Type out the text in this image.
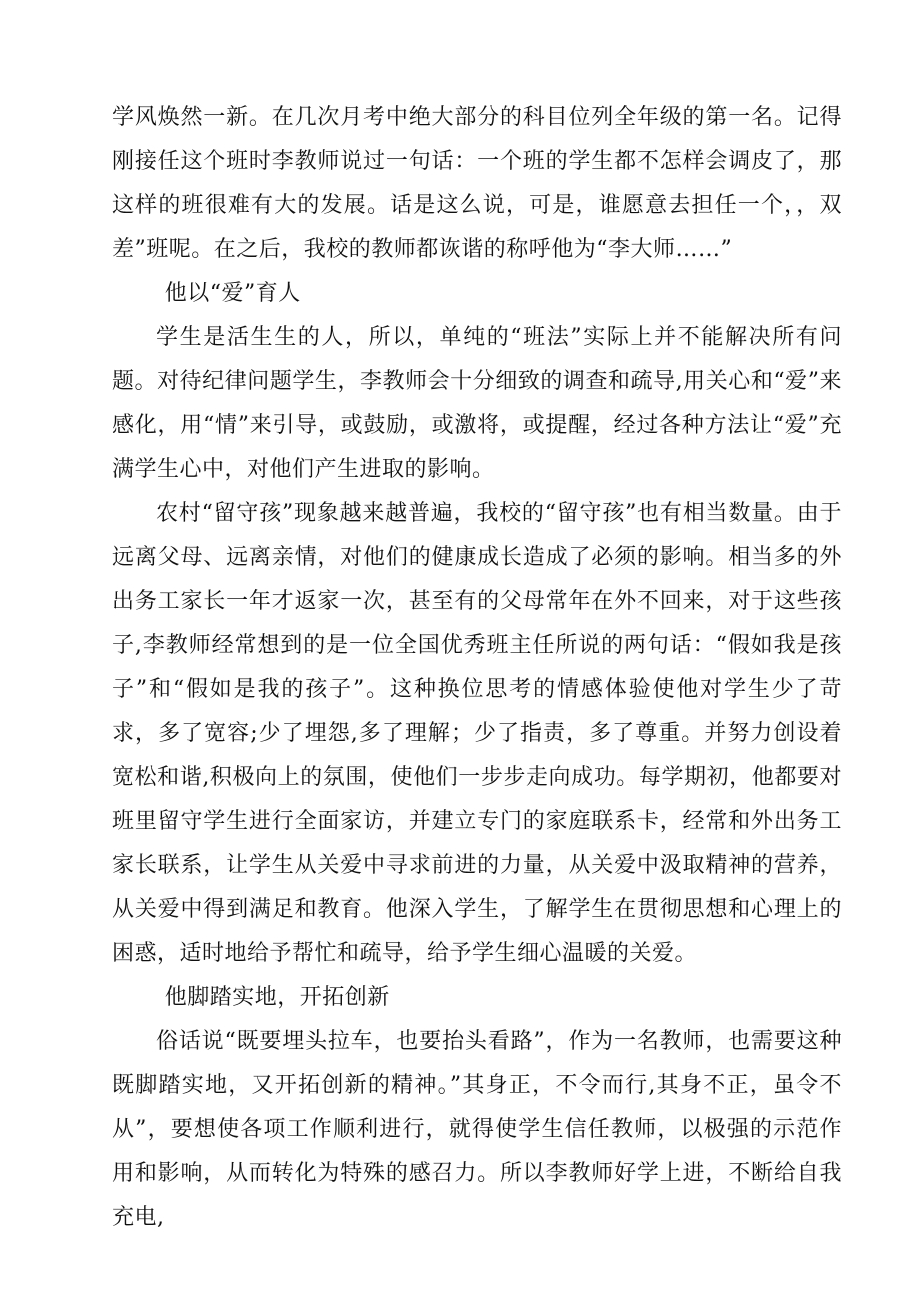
学风焕然一新。在几次月考中绝大部分的科目位列全年级的第一名。记得刚接任这个班时李教师说过一句话：一个班的学生都不怎样会调皮了，那这样的班很难有大的发展。话是这么说，可是，谁愿意去担任一个，，双差”班呢。在之后，我校的教师都诙谐的称呼他为“李大师……”

他以“爱”育人

学生是活生生的人，所以，单纯的“班法”实际上并不能解决所有问题。对待纪律问题学生，李教师会十分细致的调查和疏导,用关心和“爱”来感化，用“情”来引导，或鼓励，或激将，或提醒，经过各种方法让“爱”充满学生心中，对他们产生进取的影响。

农村“留守孩”现象越来越普遍，我校的“留守孩”也有相当数量。由于远离父母、远离亲情，对他们的健康成长造成了必须的影响。相当多的外出务工家长一年才返家一次，甚至有的父母常年在外不回来，对于这些孩子,李教师经常想到的是一位全国优秀班主任所说的两句话：“假如我是孩子”和“假如是我的孩子”。这种换位思考的情感体验使他对学生少了苛求，多了宽容;少了埋怨,多了理解；少了指责，多了尊重。并努力创设着宽松和谐,积极向上的氛围，使他们一步步走向成功。每学期初，他都要对班里留守学生进行全面家访，并建立专门的家庭联系卡，经常和外出务工家长联系，让学生从关爱中寻求前进的力量，从关爱中汲取精神的营养，从关爱中得到满足和教育。他深入学生，了解学生在贯彻思想和心理上的困惑，适时地给予帮忙和疏导，给予学生细心温暖的关爱。

他脚踏实地，开拓创新

俗话说“既要埋头拉车，也要抬头看路”，作为一名教师，也需要这种既脚踏实地，又开拓创新的精神。”其身正，不令而行,其身不正，虽令不从”，要想使各项工作顺利进行，就得使学生信任教师，以极强的示范作用和影响，从而转化为特殊的感召力。所以李教师好学上进，不断给自我充电,
